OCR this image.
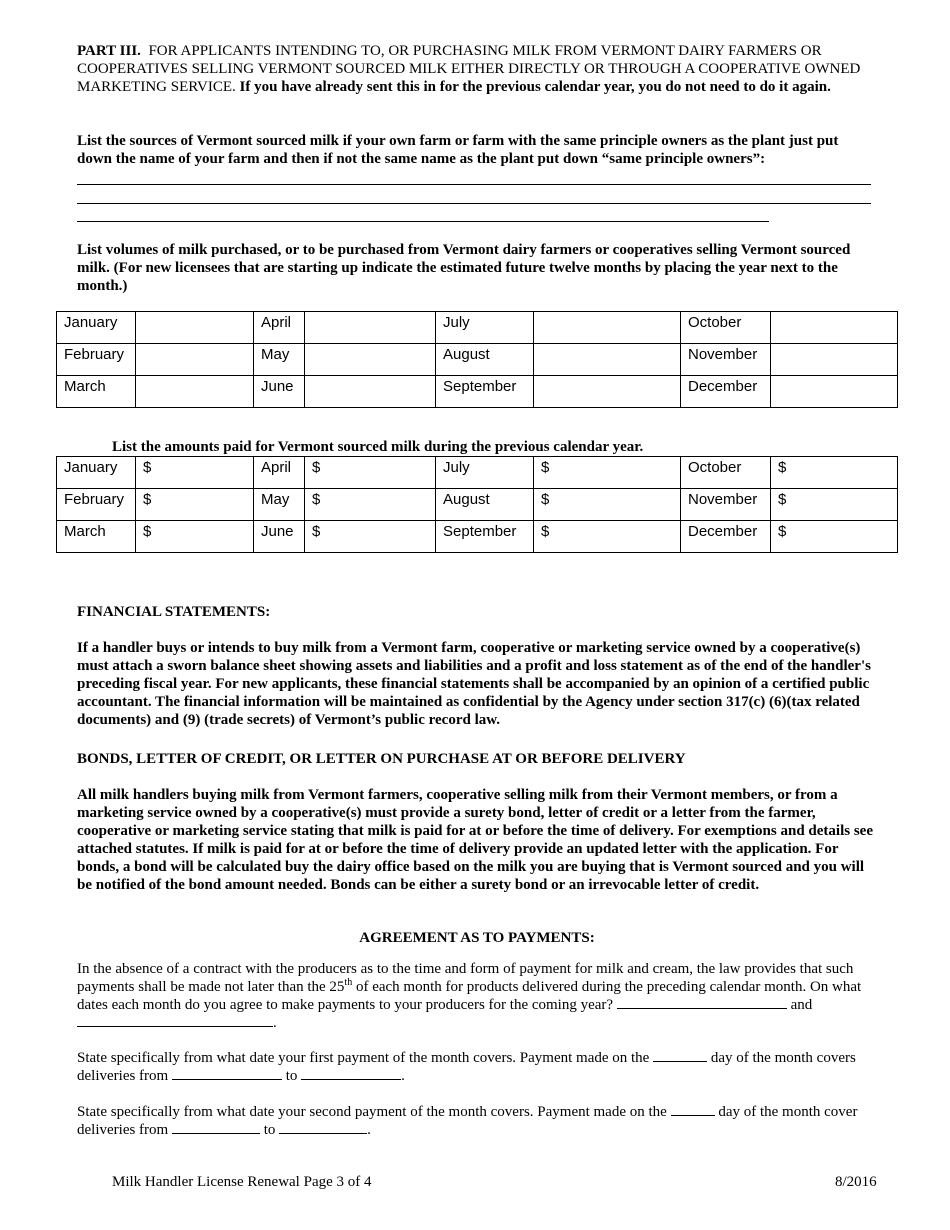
PART III. FOR APPLICANTS INTENDING TO, OR PURCHASING MILK FROM VERMONT DAIRY FARMERS OR COOPERATIVES SELLING VERMONT SOURCED MILK EITHER DIRECTLY OR THROUGH A COOPERATIVE OWNED MARKETING SERVICE. If you have already sent this in for the previous calendar year, you do not need to do it again.
List the sources of Vermont sourced milk if your own farm or farm with the same principle owners as the plant just put down the name of your farm and then if not the same name as the plant put down “same principle owners”:
List volumes of milk purchased, or to be purchased from Vermont dairy farmers or cooperatives selling Vermont sourced milk. (For new licensees that are starting up indicate the estimated future twelve months by placing the year next to the month.)
January		April		July		October	
February		May		August		November	
March		June		September		December	
List the amounts paid for Vermont sourced milk during the previous calendar year.
January	$	April	$	July	$	October	$
February	$	May	$	August	$	November	$
March	$	June	$	September	$	December	$
FINANCIAL STATEMENTS:
If a handler buys or intends to buy milk from a Vermont farm, cooperative or marketing service owned by a cooperative(s) must attach a sworn balance sheet showing assets and liabilities and a profit and loss statement as of the end of the handler's preceding fiscal year. For new applicants, these financial statements shall be accompanied by an opinion of a certified public accountant. The financial information will be maintained as confidential by the Agency under section 317(c) (6)(tax related documents) and (9) (trade secrets) of Vermont’s public record law.
BONDS, LETTER OF CREDIT, OR LETTER ON PURCHASE AT OR BEFORE DELIVERY
All milk handlers buying milk from Vermont farmers, cooperative selling milk from their Vermont members, or from a marketing service owned by a cooperative(s) must provide a surety bond, letter of credit or a letter from the farmer, cooperative or marketing service stating that milk is paid for at or before the time of delivery. For exemptions and details see attached statutes. If milk is paid for at or before the time of delivery provide an updated letter with the application. For bonds, a bond will be calculated buy the dairy office based on the milk you are buying that is Vermont sourced and you will be notified of the bond amount needed. Bonds can be either a surety bond or an irrevocable letter of credit.
AGREEMENT AS TO PAYMENTS:
In the absence of a contract with the producers as to the time and form of payment for milk and cream, the law provides that such payments shall be made not later than the 25th of each month for products delivered during the preceding calendar month. On what dates each month do you agree to make payments to your producers for the coming year?	and .
State specifically from what date your first payment of the month covers. Payment made on the	day of the month covers deliveries from	to	.
State specifically from what date your second payment of the month covers. Payment made on the	day of the month cover deliveries from	to	.
Milk Handler License Renewal Page 3 of 4	8/2016
